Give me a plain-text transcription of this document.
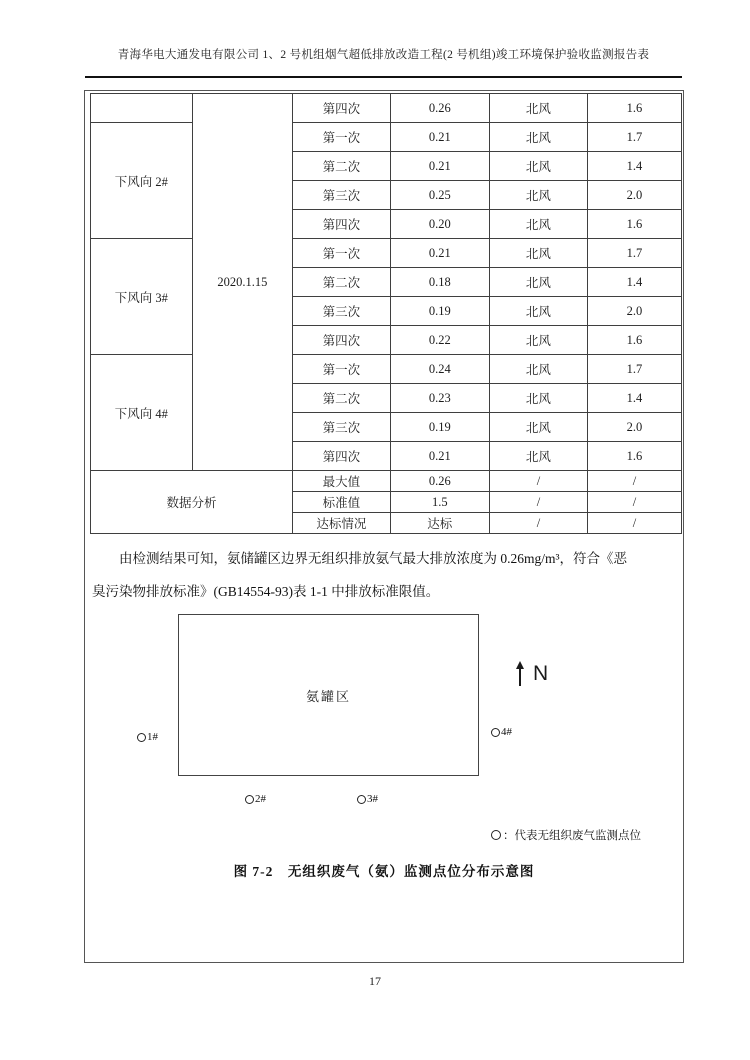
青海华电大通发电有限公司 1、2 号机组烟气超低排放改造工程(2 号机组)竣工环境保护验收监测报告表
	2020.1.15	第四次	0.26	北风	1.6
下风向 2#		第一次	0.21	北风	1.7
		第二次	0.21	北风	1.4
		第三次	0.25	北风	2.0
		第四次	0.20	北风	1.6
下风向 3#		第一次	0.21	北风	1.7
		第二次	0.18	北风	1.4
		第三次	0.19	北风	2.0
		第四次	0.22	北风	1.6
下风向 4#		第一次	0.24	北风	1.7
		第二次	0.23	北风	1.4
		第三次	0.19	北风	2.0
		第四次	0.21	北风	1.6
数据分析		最大值	0.26	/	/
		标准值	1.5	/	/
		达标情况	达标	/	/
由检测结果可知，氨储罐区边界无组织排放氨气最大排放浓度为 0.26mg/m³，符合《恶
臭污染物排放标准》(GB14554-93)表 1-1 中排放标准限值。
氨罐区
1#
2#	3#
4#
N
：代表无组织废气监测点位
图 7-2　无组织废气（氨）监测点位分布示意图
17
